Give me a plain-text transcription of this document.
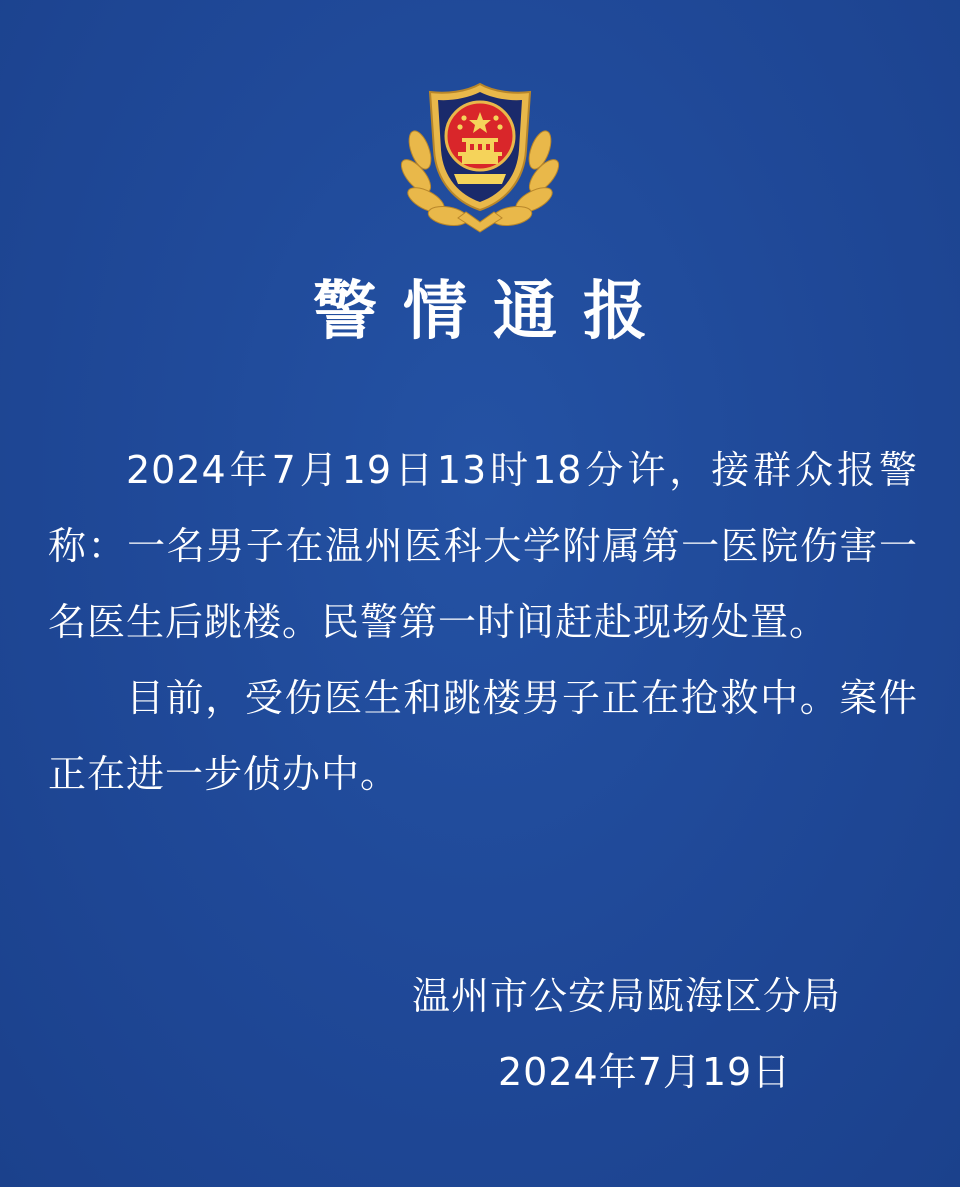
警情通报

2024年7月19日13时18分许，接群众报警称：一名男子在温州医科大学附属第一医院伤害一名医生后跳楼。民警第一时间赶赴现场处置。

目前，受伤医生和跳楼男子正在抢救中。案件正在进一步侦办中。

温州市公安局瓯海区分局
2024年7月19日
